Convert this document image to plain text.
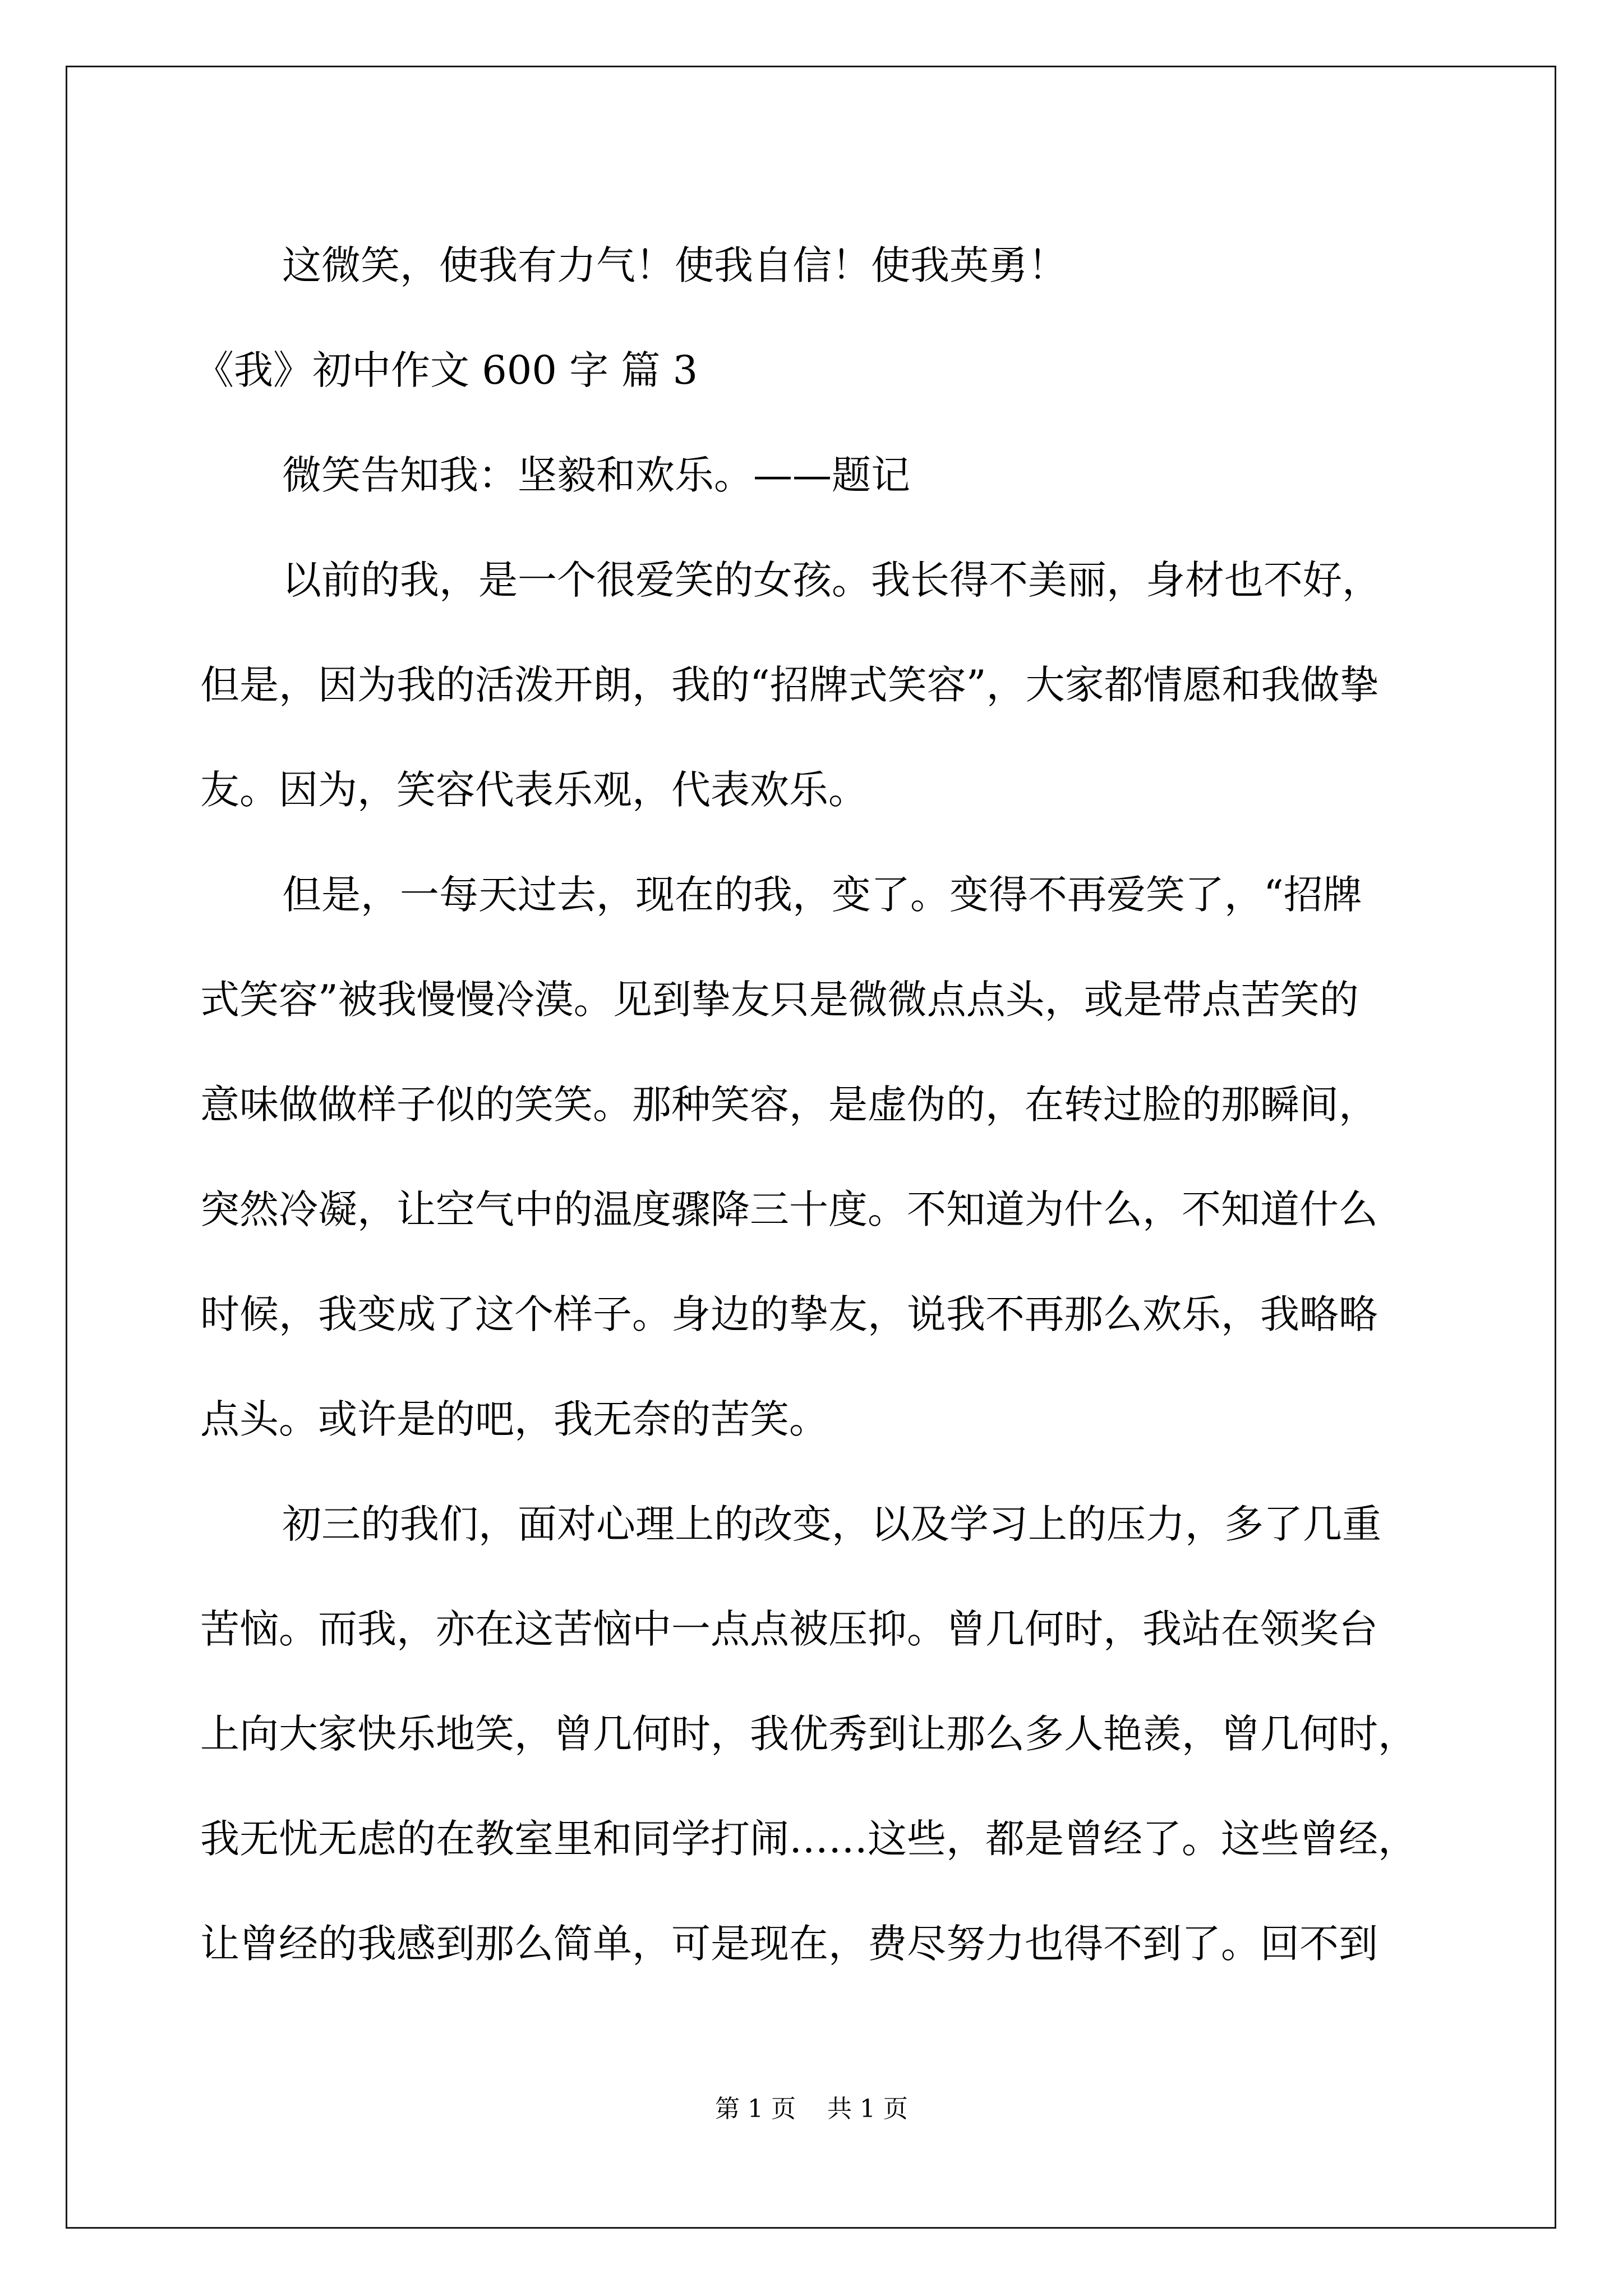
这微笑，使我有力气！使我自信！使我英勇！
《我》初中作文 600 字 篇 3
微笑告知我：坚毅和欢乐。——题记
以前的我，是一个很爱笑的女孩。我长得不美丽，身材也不好，
但是，因为我的活泼开朗，我的“招牌式笑容”，大家都情愿和我做挚
友。因为，笑容代表乐观，代表欢乐。
但是，一每天过去，现在的我，变了。变得不再爱笑了，“招牌
式笑容”被我慢慢冷漠。见到挚友只是微微点点头，或是带点苦笑的
意味做做样子似的笑笑。那种笑容，是虚伪的，在转过脸的那瞬间，
突然冷凝，让空气中的温度骤降三十度。不知道为什么，不知道什么
时候，我变成了这个样子。身边的挚友，说我不再那么欢乐，我略略
点头。或许是的吧，我无奈的苦笑。
初三的我们，面对心理上的改变，以及学习上的压力，多了几重
苦恼。而我，亦在这苦恼中一点点被压抑。曾几何时，我站在领奖台
上向大家快乐地笑，曾几何时，我优秀到让那么多人艳羡，曾几何时，
我无忧无虑的在教室里和同学打闹……这些，都是曾经了。这些曾经，
让曾经的我感到那么简单，可是现在，费尽努力也得不到了。回不到
第 1 页    共 1 页
